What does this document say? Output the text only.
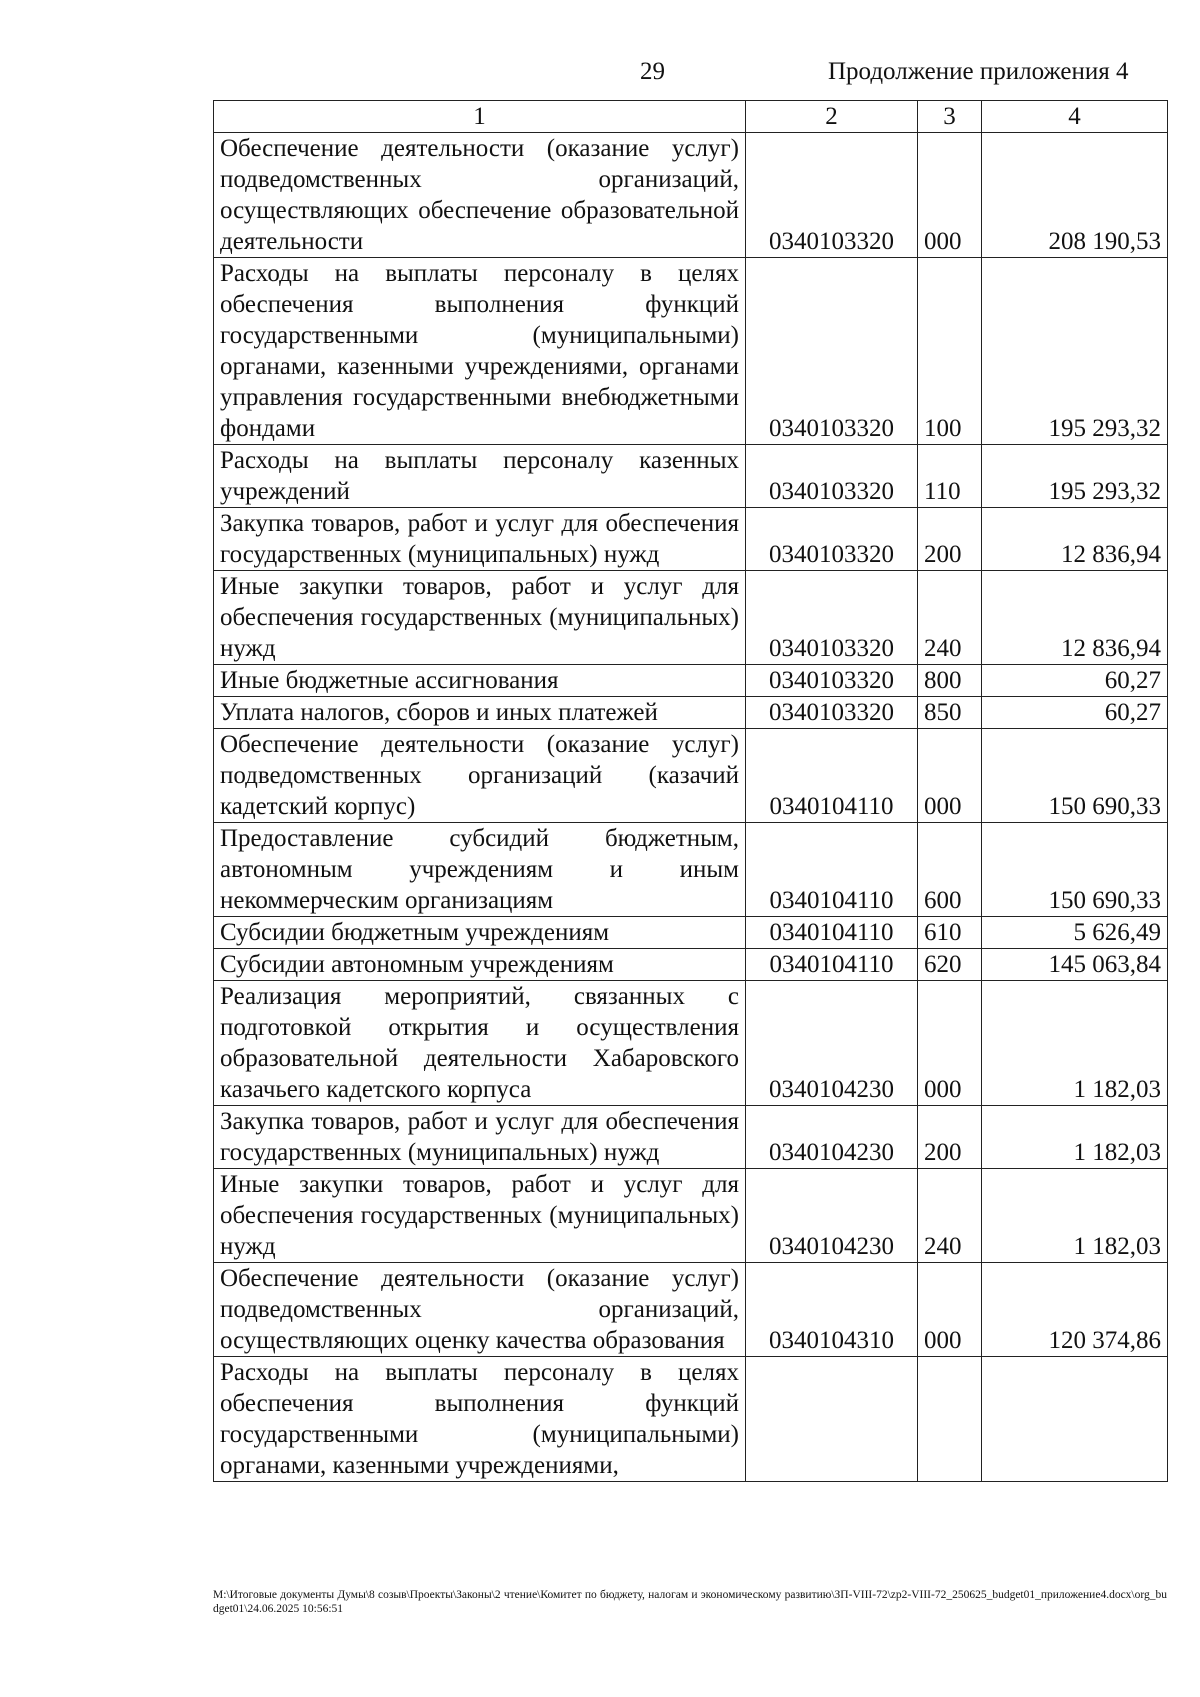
29	Продолжение приложения 4
1	2	3	4
Обеспечение деятельности (оказание услуг) подведомственных организаций, осуществляющих обеспечение образовательной деятельности	0340103320	000	208 190,53
Расходы на выплаты персоналу в целях обеспечения выполнения функций государственными (муниципальными) органами, казенными учреждениями, органами управления государственными внебюджетными фондами	0340103320	100	195 293,32
Расходы на выплаты персоналу казенных учреждений	0340103320	110	195 293,32
Закупка товаров, работ и услуг для обеспечения государственных (муниципальных) нужд	0340103320	200	12 836,94
Иные закупки товаров, работ и услуг для обеспечения государственных (муниципальных) нужд	0340103320	240	12 836,94
Иные бюджетные ассигнования	0340103320	800	60,27
Уплата налогов, сборов и иных платежей	0340103320	850	60,27
Обеспечение деятельности (оказание услуг) подведомственных организаций (казачий кадетский корпус)	0340104110	000	150 690,33
Предоставление субсидий бюджетным, автономным учреждениям и иным некоммерческим организациям	0340104110	600	150 690,33
Субсидии бюджетным учреждениям	0340104110	610	5 626,49
Субсидии автономным учреждениям	0340104110	620	145 063,84
Реализация мероприятий, связанных с подготовкой открытия и осуществления образовательной деятельности Хабаровского казачьего кадетского корпуса	0340104230	000	1 182,03
Закупка товаров, работ и услуг для обеспечения государственных (муниципальных) нужд	0340104230	200	1 182,03
Иные закупки товаров, работ и услуг для обеспечения государственных (муниципальных) нужд	0340104230	240	1 182,03
Обеспечение деятельности (оказание услуг) подведомственных организаций, осуществляющих оценку качества образования	0340104310	000	120 374,86
Расходы на выплаты персоналу в целях обеспечения выполнения функций государственными (муниципальными) органами, казенными учреждениями,			
M:\Итоговые документы Думы\8 созыв\Проекты\Законы\2 чтение\Комитет по бюджету, налогам и экономическому развитию\ЗП-VIII-72\zp2-VIII-72_250625_budget01_приложение4.docx\org_budget01\24.06.2025 10:56:51
